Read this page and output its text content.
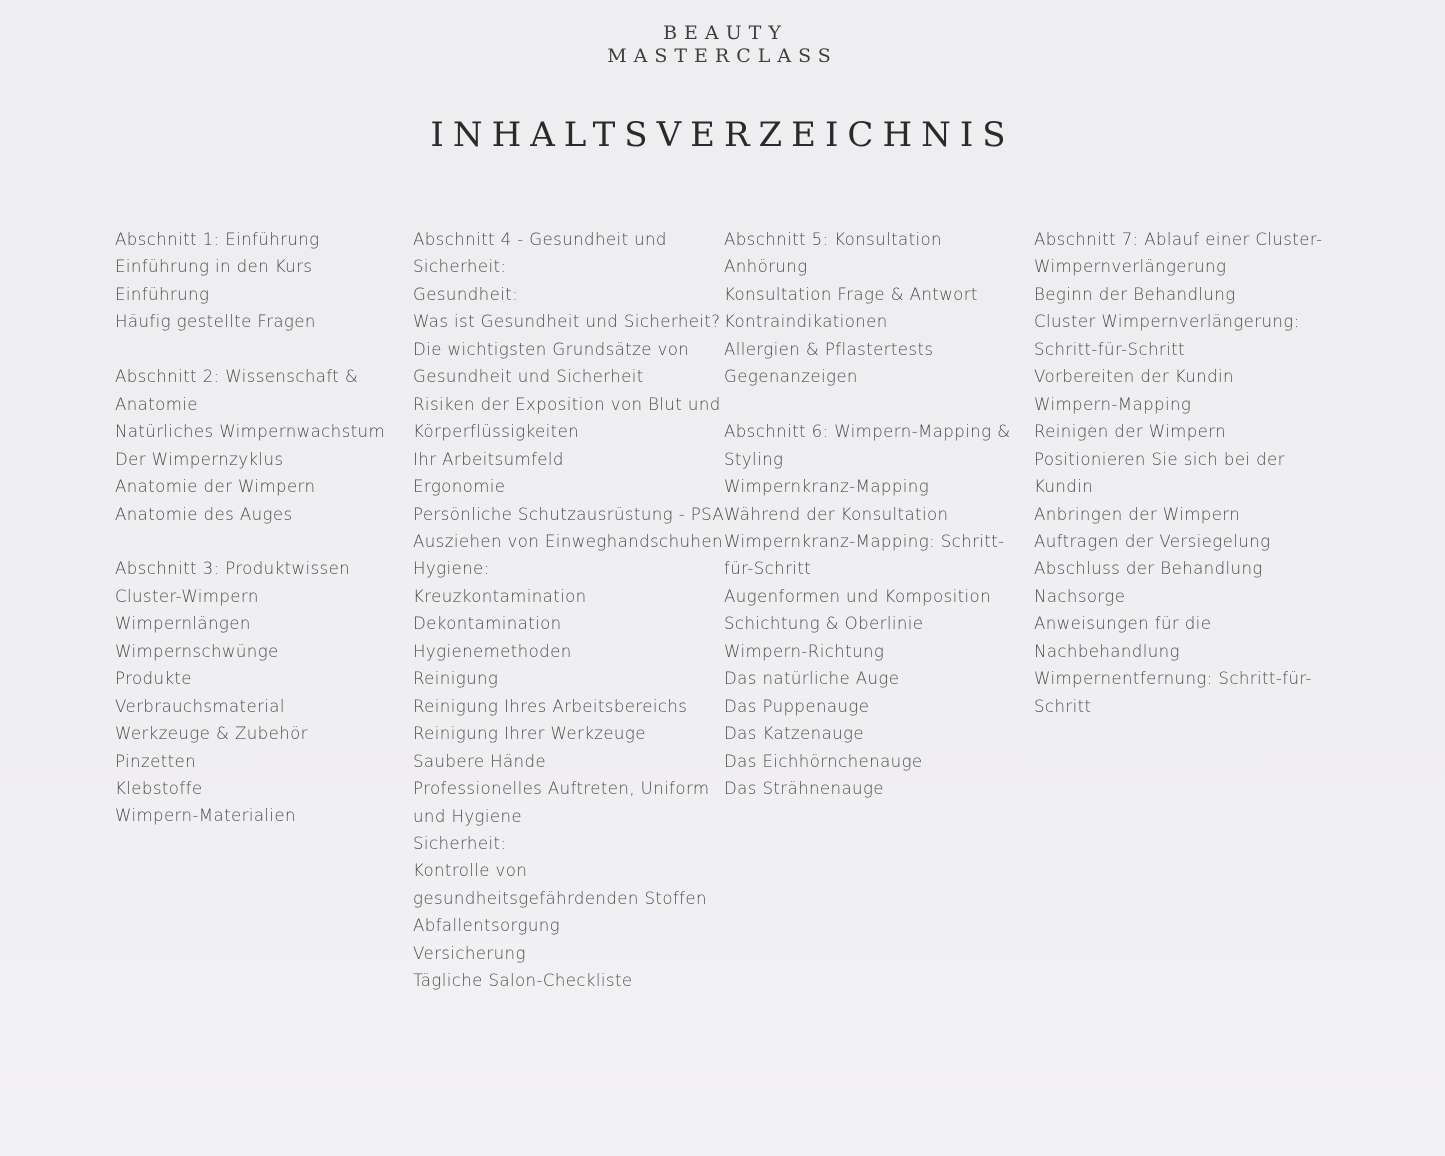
BEAUTY
MASTERCLASS
INHALTSVERZEICHNIS
Abschnitt 1: Einführung
Einführung in den Kurs
Einführung
Häufig gestellte Fragen
Abschnitt 2: Wissenschaft &
Anatomie
Natürliches Wimpernwachstum
Der Wimpernzyklus
Anatomie der Wimpern
Anatomie des Auges
Abschnitt 3: Produktwissen
Cluster-Wimpern
Wimpernlängen
Wimpernschwünge
Produkte
Verbrauchsmaterial
Werkzeuge & Zubehör
Pinzetten
Klebstoffe
Wimpern-Materialien
Abschnitt 4 - Gesundheit und
Sicherheit:
Gesundheit:
Was ist Gesundheit und Sicherheit?
Die wichtigsten Grundsätze von
Gesundheit und Sicherheit
Risiken der Exposition von Blut und
Körperflüssigkeiten
Ihr Arbeitsumfeld
Ergonomie
Persönliche Schutzausrüstung - PSA
Ausziehen von Einweghandschuhen
Hygiene:
Kreuzkontamination
Dekontamination
Hygienemethoden
Reinigung
Reinigung Ihres Arbeitsbereichs
Reinigung Ihrer Werkzeuge
Saubere Hände
Professionelles Auftreten, Uniform
und Hygiene
Sicherheit:
Kontrolle von
gesundheitsgefährdenden Stoffen
Abfallentsorgung
Versicherung
Tägliche Salon-Checkliste
Abschnitt 5: Konsultation
Anhörung
Konsultation Frage & Antwort
Kontraindikationen
Allergien & Pflastertests
Gegenanzeigen
Abschnitt 6: Wimpern-Mapping &
Styling
Wimpernkranz-Mapping
Während der Konsultation
Wimpernkranz-Mapping: Schritt-
für-Schritt
Augenformen und Komposition
Schichtung & Oberlinie
Wimpern-Richtung
Das natürliche Auge
Das Puppenauge
Das Katzenauge
Das Eichhörnchenauge
Das Strähnenauge
Abschnitt 7: Ablauf einer Cluster-
Wimpernverlängerung
Beginn der Behandlung
Cluster Wimpernverlängerung:
Schritt-für-Schritt
Vorbereiten der Kundin
Wimpern-Mapping
Reinigen der Wimpern
Positionieren Sie sich bei der
Kundin
Anbringen der Wimpern
Auftragen der Versiegelung
Abschluss der Behandlung
Nachsorge
Anweisungen für die
Nachbehandlung
Wimpernentfernung: Schritt-für-
Schritt
